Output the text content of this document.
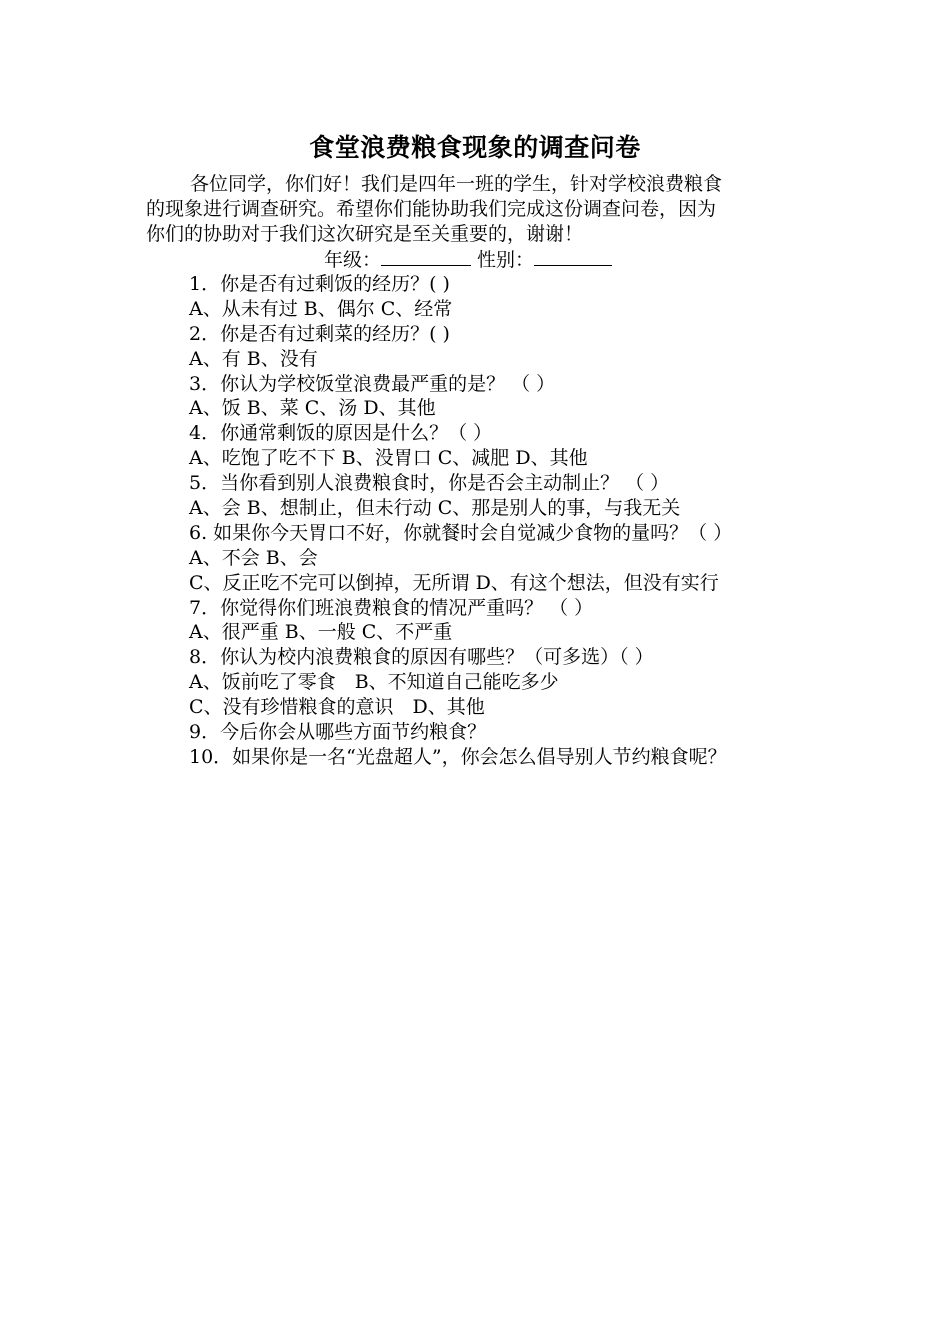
食堂浪费粮食现象的调查问卷
各位同学，你们好！我们是四年一班的学生，针对学校浪费粮食
的现象进行调查研究。希望你们能协助我们完成这份调查问卷，因为
你们的协助对于我们这次研究是至关重要的，谢谢！
年级：	性别：
1．你是否有过剩饭的经历？( )
A、从未有过 B、偶尔 C、经常
2．你是否有过剩菜的经历？( )
A、有 B、没有
3．你认为学校饭堂浪费最严重的是？ （ ）
A、饭 B、菜 C、汤 D、其他
4．你通常剩饭的原因是什么？（ ）
A、吃饱了吃不下 B、没胃口 C、减肥 D、其他
5．当你看到别人浪费粮食时，你是否会主动制止？ （ ）
A、会 B、想制止，但未行动 C、那是别人的事，与我无关
6. 如果你今天胃口不好，你就餐时会自觉减少食物的量吗？（ ）
A、不会 B、会
C、反正吃不完可以倒掉，无所谓 D、有这个想法，但没有实行
7．你觉得你们班浪费粮食的情况严重吗？ （ ）
A、很严重 B、一般 C、不严重
8．你认为校内浪费粮食的原因有哪些？（可多选）（ ）
A、饭前吃了零食　B、不知道自己能吃多少
C、没有珍惜粮食的意识　D、其他
9．今后你会从哪些方面节约粮食？
10．如果你是一名“光盘超人”，你会怎么倡导别人节约粮食呢？
